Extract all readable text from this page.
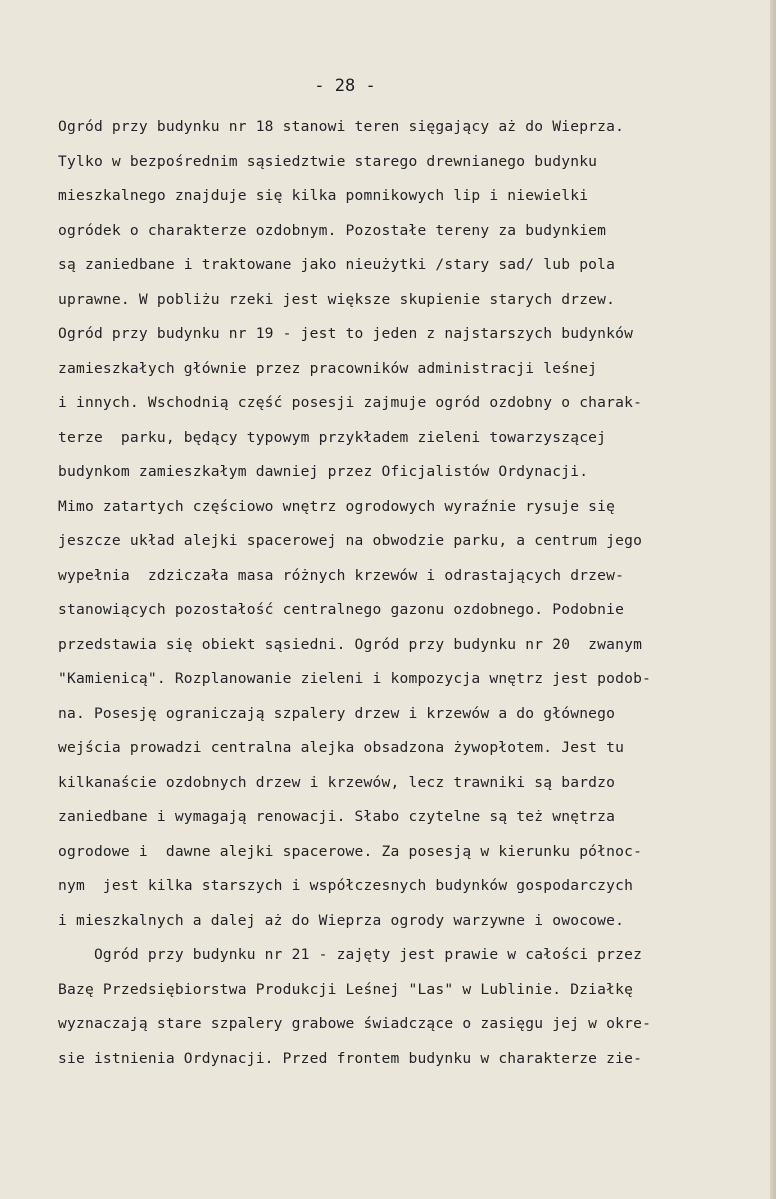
- 28 -
Ogród przy budynku nr 18 stanowi teren sięgający aż do Wieprza.
Tylko w bezpośrednim sąsiedztwie starego drewnianego budynku
mieszkalnego znajduje się kilka pomnikowych lip i niewielki
ogródek o charakterze ozdobnym. Pozostałe tereny za budynkiem
są zaniedbane i traktowane jako nieużytki /stary sad/ lub pola
uprawne. W pobliżu rzeki jest większe skupienie starych drzew.
Ogród przy budynku nr 19 - jest to jeden z najstarszych budynków
zamieszkałych głównie przez pracowników administracji leśnej
i innych. Wschodnią część posesji zajmuje ogród ozdobny o charak-
terze  parku, będący typowym przykładem zieleni towarzyszącej
budynkom zamieszkałym dawniej przez Oficjalistów Ordynacji.
Mimo zatartych częściowo wnętrz ogrodowych wyraźnie rysuje się
jeszcze układ alejki spacerowej na obwodzie parku, a centrum jego
wypełnia  zdziczała masa różnych krzewów i odrastających drzew-
stanowiących pozostałość centralnego gazonu ozdobnego. Podobnie
przedstawia się obiekt sąsiedni. Ogród przy budynku nr 20  zwanym
"Kamienicą". Rozplanowanie zieleni i kompozycja wnętrz jest podob-
na. Posesję ograniczają szpalery drzew i krzewów a do głównego
wejścia prowadzi centralna alejka obsadzona żywopłotem. Jest tu
kilkanaście ozdobnych drzew i krzewów, lecz trawniki są bardzo
zaniedbane i wymagają renowacji. Słabo czytelne są też wnętrza
ogrodowe i  dawne alejki spacerowe. Za posesją w kierunku północ-
nym  jest kilka starszych i współczesnych budynków gospodarczych
i mieszkalnych a dalej aż do Wieprza ogrody warzywne i owocowe.
Ogród przy budynku nr 21 - zajęty jest prawie w całości przez
Bazę Przedsiębiorstwa Produkcji Leśnej "Las" w Lublinie. Działkę
wyznaczają stare szpalery grabowe świadczące o zasięgu jej w okre-
sie istnienia Ordynacji. Przed frontem budynku w charakterze zie-
